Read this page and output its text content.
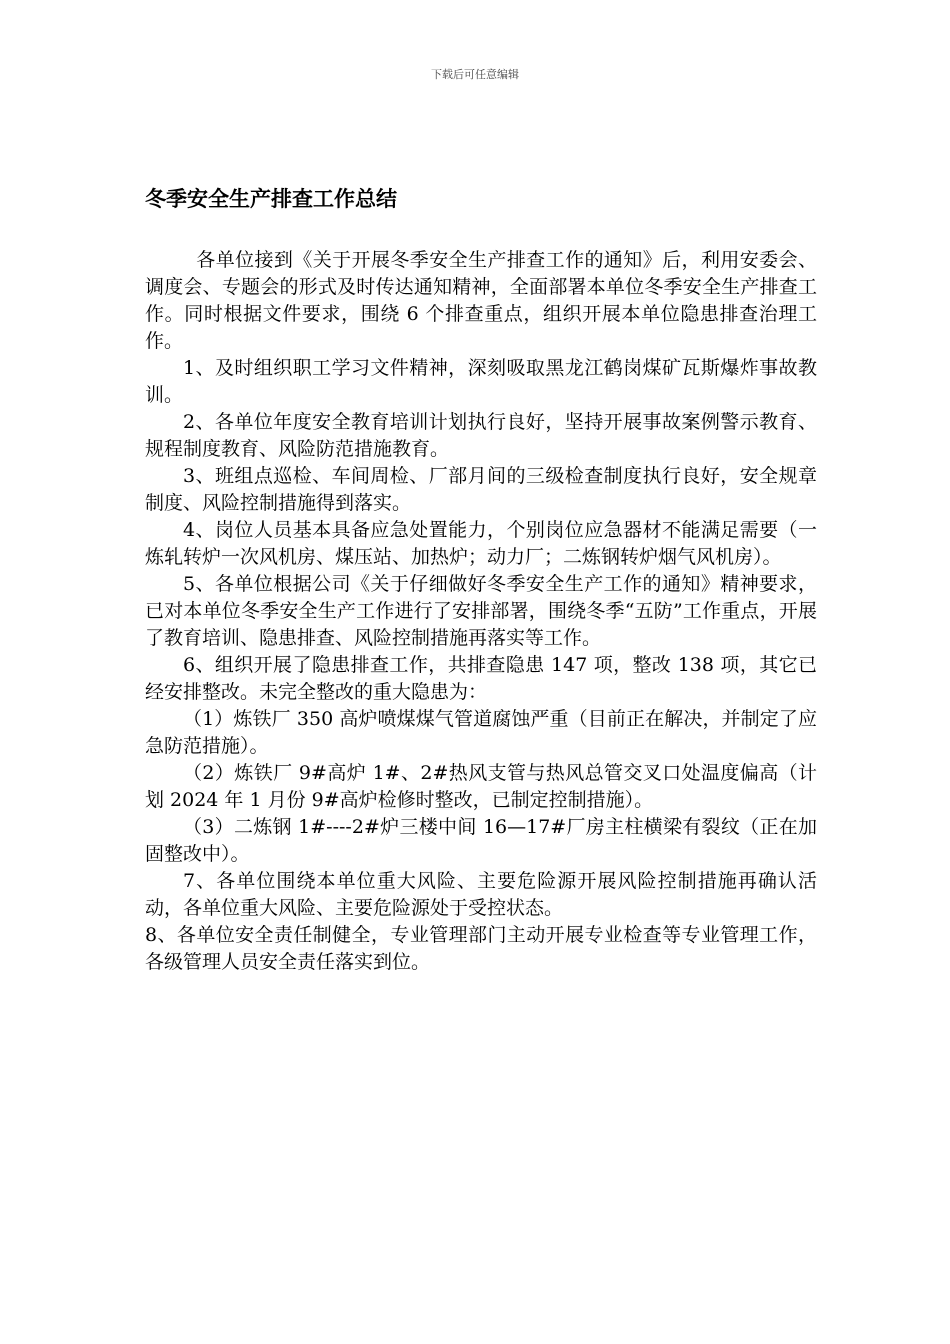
下载后可任意编辑
冬季安全生产排查工作总结

各单位接到《关于开展冬季安全生产排查工作的通知》后，利用安委会、调度会、专题会的形式及时传达通知精神，全面部署本单位冬季安全生产排查工作。同时根据文件要求，围绕 6 个排查重点，组织开展本单位隐患排查治理工作。

1、及时组织职工学习文件精神，深刻吸取黑龙江鹤岗煤矿瓦斯爆炸事故教训。

2、各单位年度安全教育培训计划执行良好，坚持开展事故案例警示教育、规程制度教育、风险防范措施教育。

3、班组点巡检、车间周检、厂部月间的三级检查制度执行良好，安全规章制度、风险控制措施得到落实。

4、岗位人员基本具备应急处置能力，个别岗位应急器材不能满足需要（一炼轧转炉一次风机房、煤压站、加热炉；动力厂；二炼钢转炉烟气风机房）。

5、各单位根据公司《关于仔细做好冬季安全生产工作的通知》精神要求，已对本单位冬季安全生产工作进行了安排部署，围绕冬季“五防”工作重点，开展了教育培训、隐患排查、风险控制措施再落实等工作。

6、组织开展了隐患排查工作，共排查隐患 147 项，整改 138 项，其它已经安排整改。未完全整改的重大隐患为：

（1）炼铁厂 350 高炉喷煤煤气管道腐蚀严重（目前正在解决，并制定了应急防范措施）。

（2）炼铁厂 9#高炉 1#、2#热风支管与热风总管交叉口处温度偏高（计划 2024 年 1 月份 9#高炉检修时整改，已制定控制措施）。

（3）二炼钢 1#----2#炉三楼中间 16—17#厂房主柱横梁有裂纹（正在加固整改中）。

7、各单位围绕本单位重大风险、主要危险源开展风险控制措施再确认活动，各单位重大风险、主要危险源处于受控状态。

8、各单位安全责任制健全，专业管理部门主动开展专业检查等专业管理工作，各级管理人员安全责任落实到位。
